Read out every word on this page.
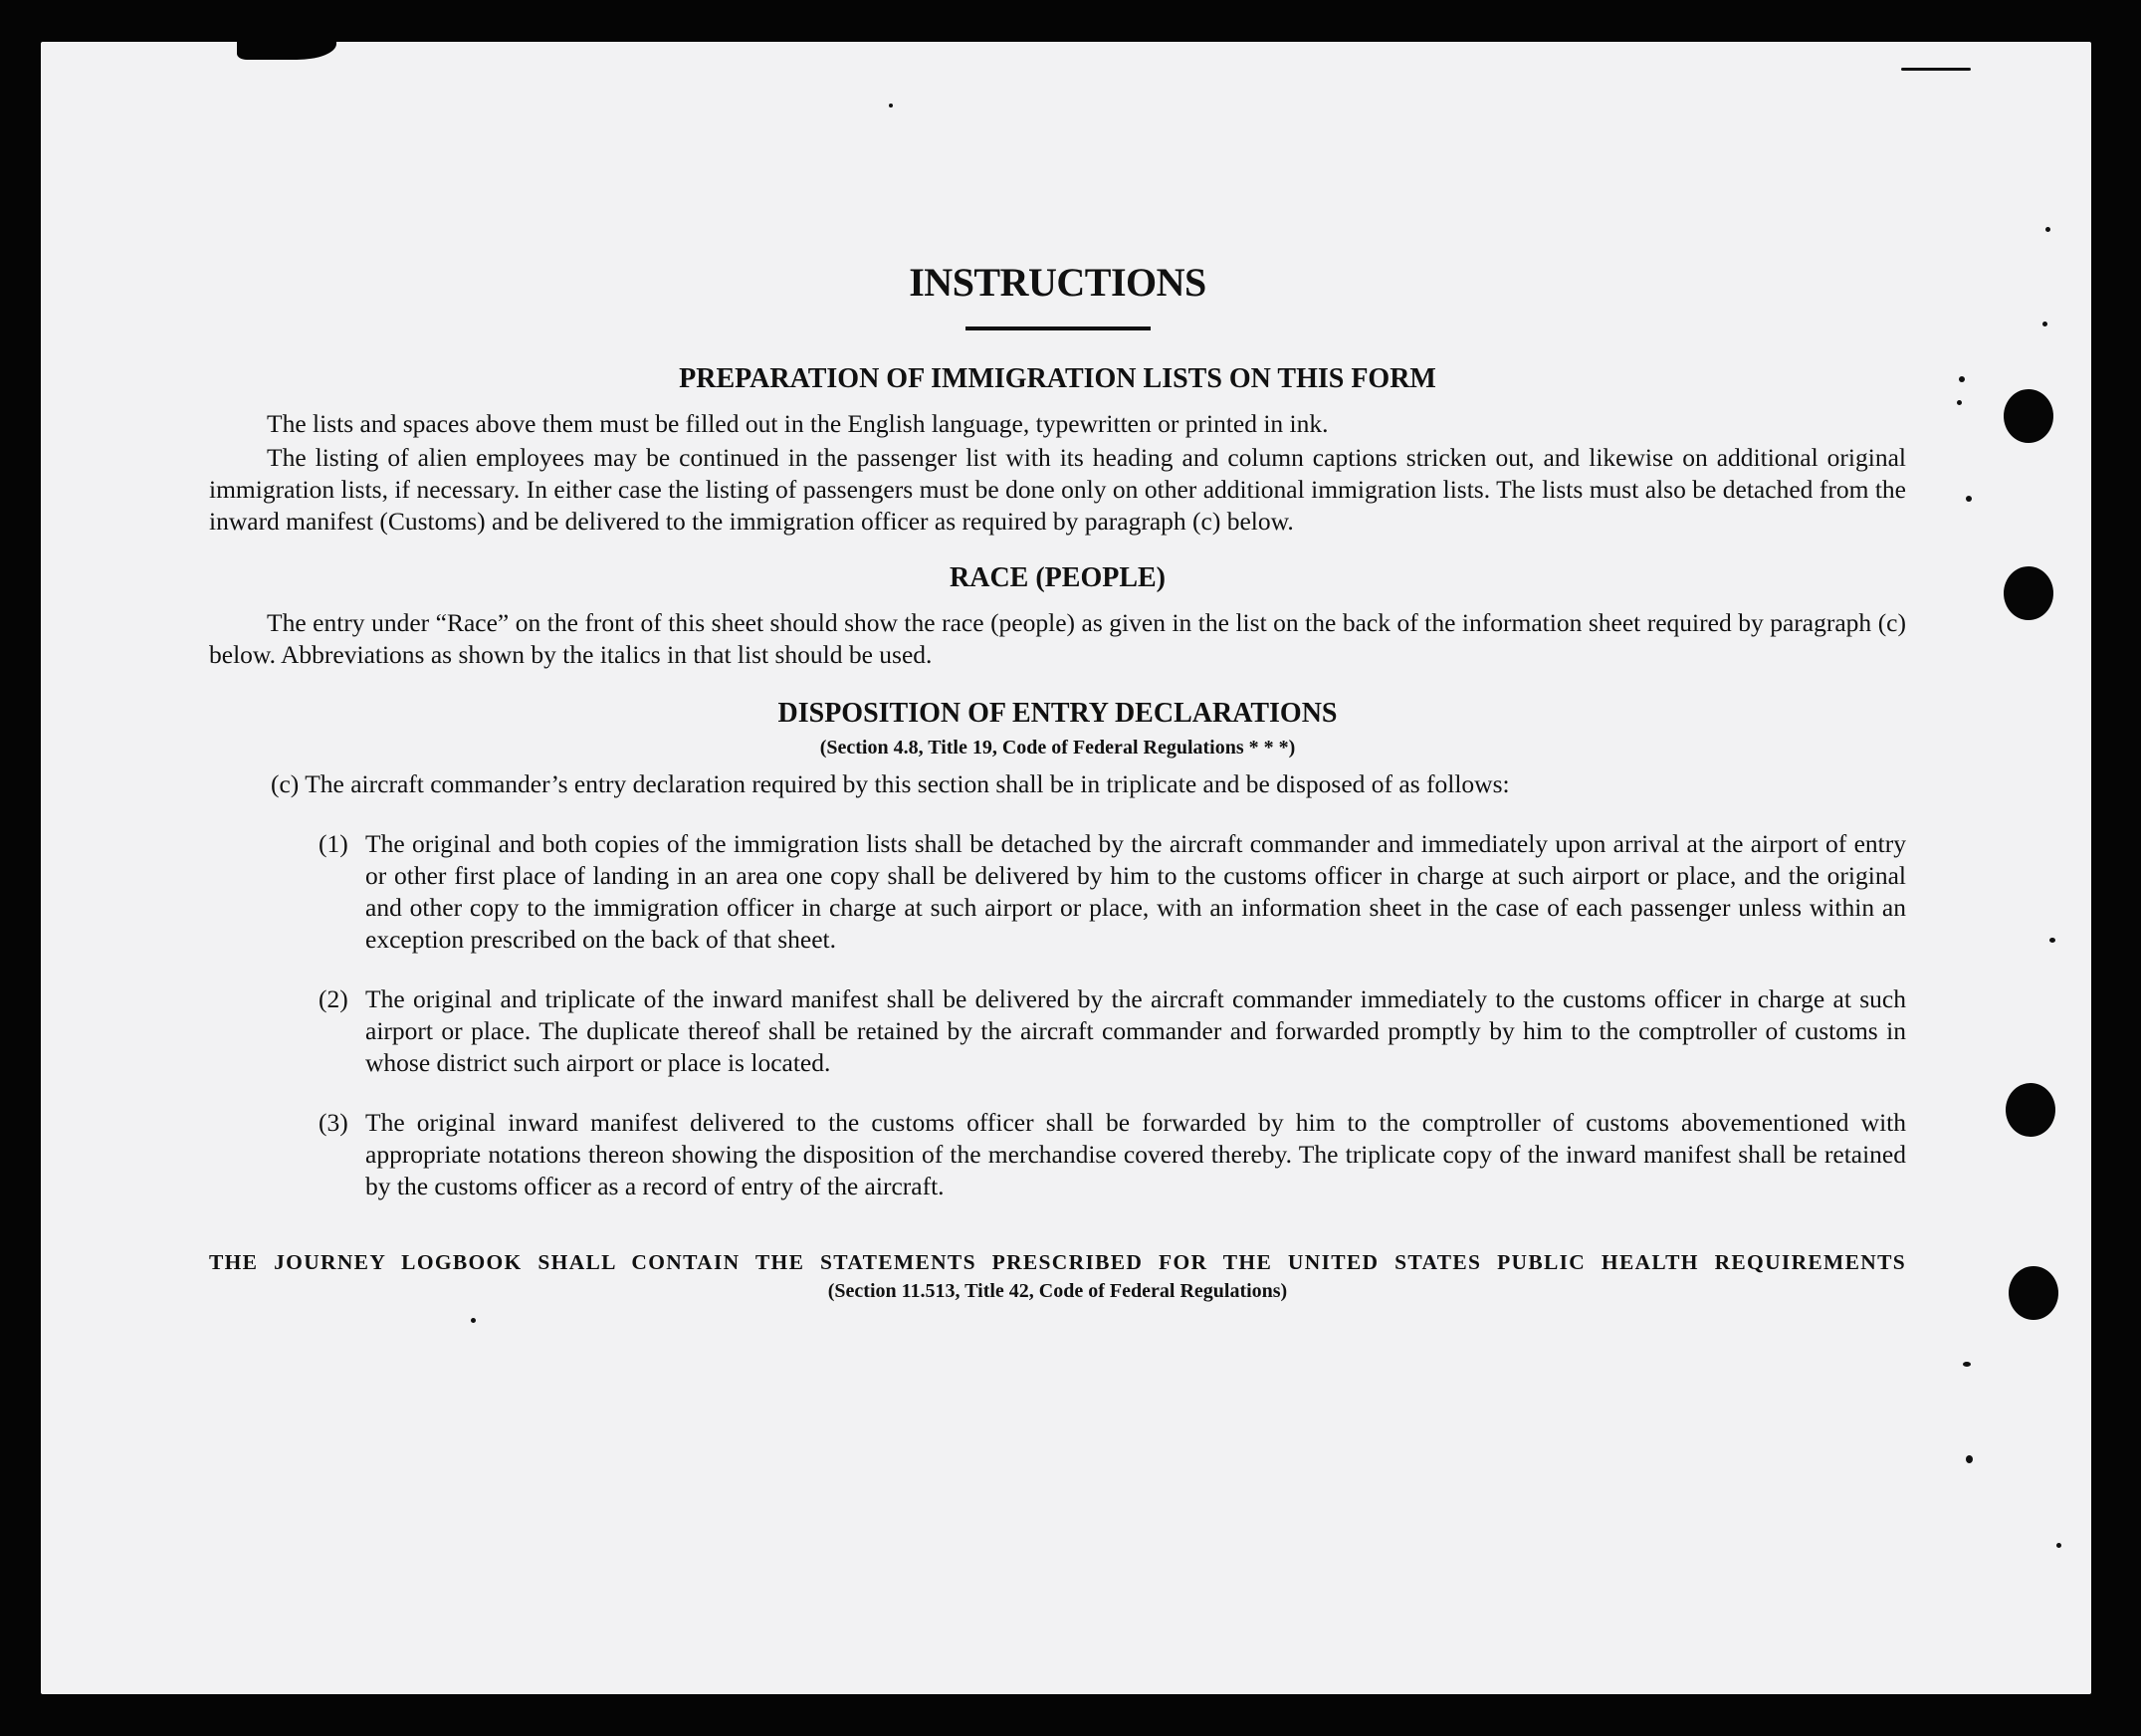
INSTRUCTIONS
PREPARATION OF IMMIGRATION LISTS ON THIS FORM

The lists and spaces above them must be filled out in the English language, typewritten or printed in ink.

The listing of alien employees may be continued in the passenger list with its heading and column captions stricken out, and likewise on additional original immigration lists, if necessary. In either case the listing of passengers must be done only on other additional immigration lists. The lists must also be detached from the inward manifest (Customs) and be delivered to the immigration officer as required by paragraph (c) below.

RACE (PEOPLE)

The entry under “Race” on the front of this sheet should show the race (people) as given in the list on the back of the information sheet required by paragraph (c) below. Abbreviations as shown by the italics in that list should be used.

DISPOSITION OF ENTRY DECLARATIONS
(Section 4.8, Title 19, Code of Federal Regulations * * *)

(c) The aircraft commander’s entry declaration required by this section shall be in triplicate and be disposed of as follows:

(1) The original and both copies of the immigration lists shall be detached by the aircraft commander and immediately upon arrival at the airport of entry or other first place of landing in an area one copy shall be delivered by him to the customs officer in charge at such airport or place, and the original and other copy to the immigration officer in charge at such airport or place, with an information sheet in the case of each passenger unless within an exception prescribed on the back of that sheet.
(2) The original and triplicate of the inward manifest shall be delivered by the aircraft commander immediately to the customs officer in charge at such airport or place. The duplicate thereof shall be retained by the aircraft commander and forwarded promptly by him to the comptroller of customs in whose district such airport or place is located.
(3) The original inward manifest delivered to the customs officer shall be forwarded by him to the comptroller of customs abovementioned with appropriate notations thereon showing the disposition of the merchandise covered thereby. The triplicate copy of the inward manifest shall be retained by the customs officer as a record of entry of the aircraft.

THE JOURNEY LOGBOOK SHALL CONTAIN THE STATEMENTS PRESCRIBED FOR THE UNITED STATES PUBLIC HEALTH REQUIREMENTS

(Section 11.513, Title 42, Code of Federal Regulations)
